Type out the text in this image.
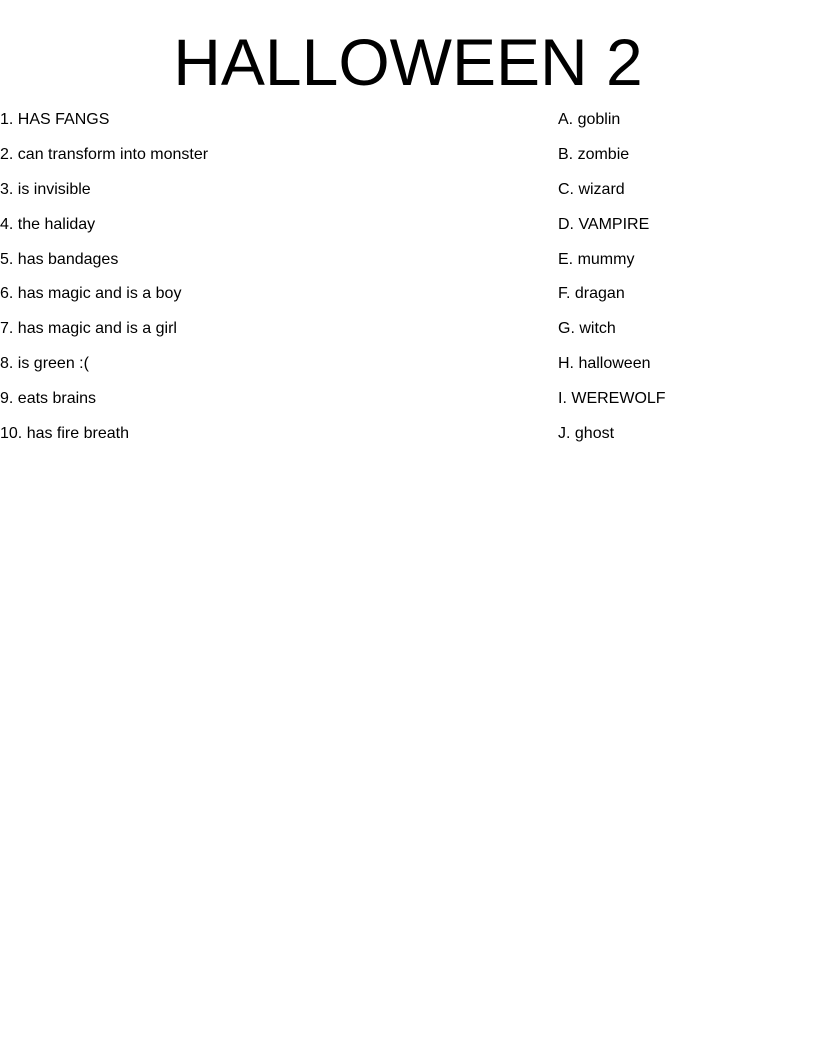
HALLOWEEN 2
1. HAS FANGS
2. can transform into monster
3. is invisible
4. the haliday
5. has bandages
6. has magic and is a boy
7. has magic and is a girl
8. is green :(
9. eats brains
10. has fire breath
A. goblin
B. zombie
C. wizard
D. VAMPIRE
E. mummy
F. dragan
G. witch
H. halloween
I. WEREWOLF
J. ghost
